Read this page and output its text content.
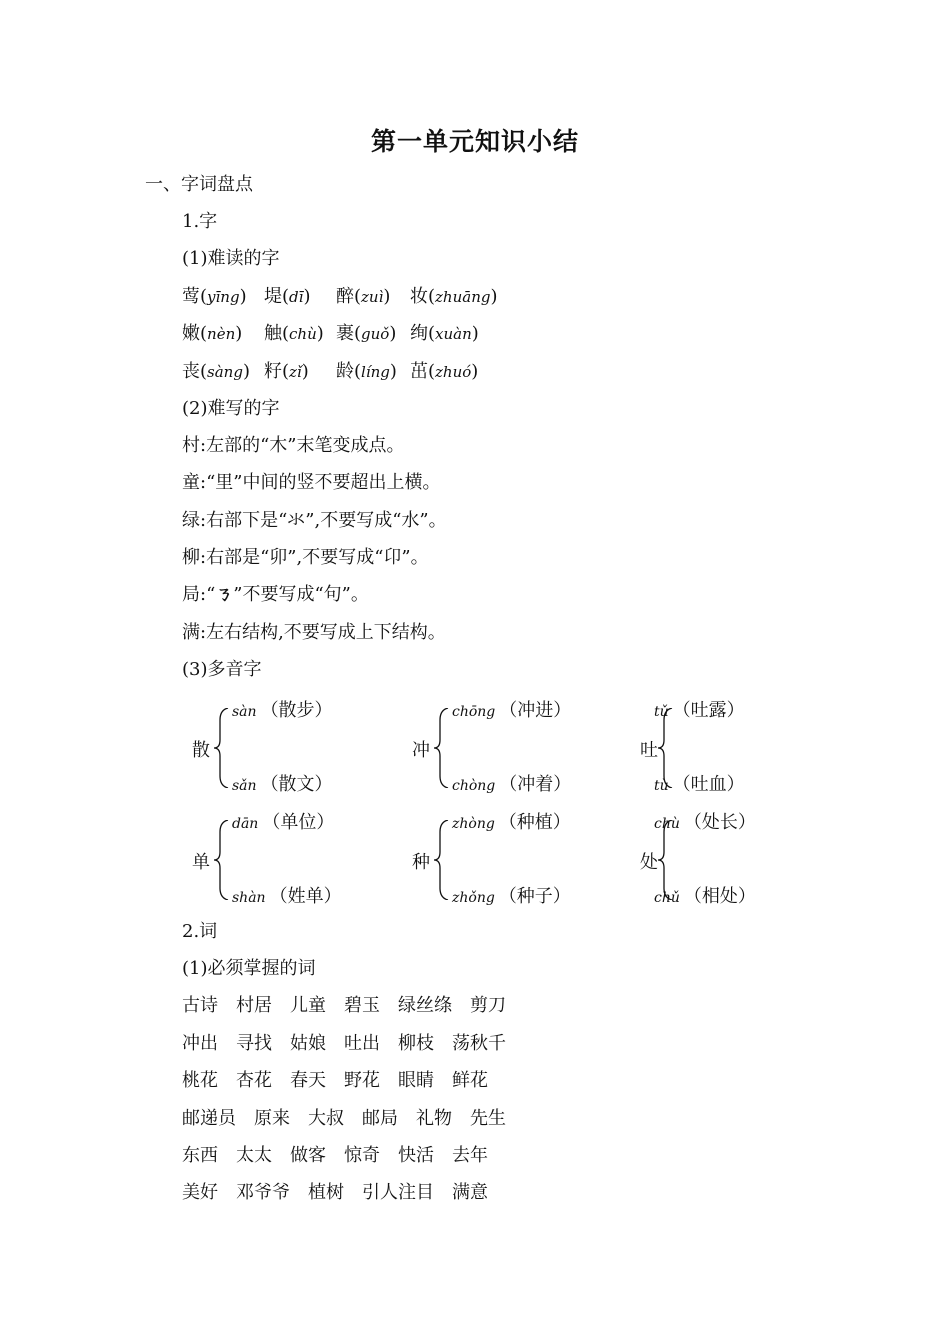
第一单元知识小结
一、字词盘点
1.字
(1)难读的字
莺(yīng) 堤(dī) 醉(zuì) 妆(zhuāng)
嫩(nèn) 触(chù) 裹(guǒ) 绚(xuàn)
丧(sàng) 籽(zǐ) 龄(líng) 茁(zhuó)
(2)难写的字
村:左部的“木”末笔变成点。
童:“里”中间的竖不要超出上横。
绿:右部下是“氺”,不要写成“水”。
柳:右部是“卯”,不要写成“卬”。
局:“ㄋ”不要写成“句”。
满:左右结构,不要写成上下结构。
(3)多音字
散
sàn （散步）
sǎn （散文）
冲
chōng （冲进）
chòng （冲着）
吐
tǔ （吐露）
tù （吐血）
单
dān （单位）
shàn （姓单）
种
zhòng （种植）
zhǒng （种子）
处
chù （处长）
chǔ （相处）
2.词
(1)必须掌握的词
古诗 村居 儿童 碧玉 绿丝绦 剪刀
冲出 寻找 姑娘 吐出 柳枝 荡秋千
桃花 杏花 春天 野花 眼睛 鲜花
邮递员 原来 大叔 邮局 礼物 先生
东西 太太 做客 惊奇 快活 去年
美好 邓爷爷 植树 引人注目 满意
